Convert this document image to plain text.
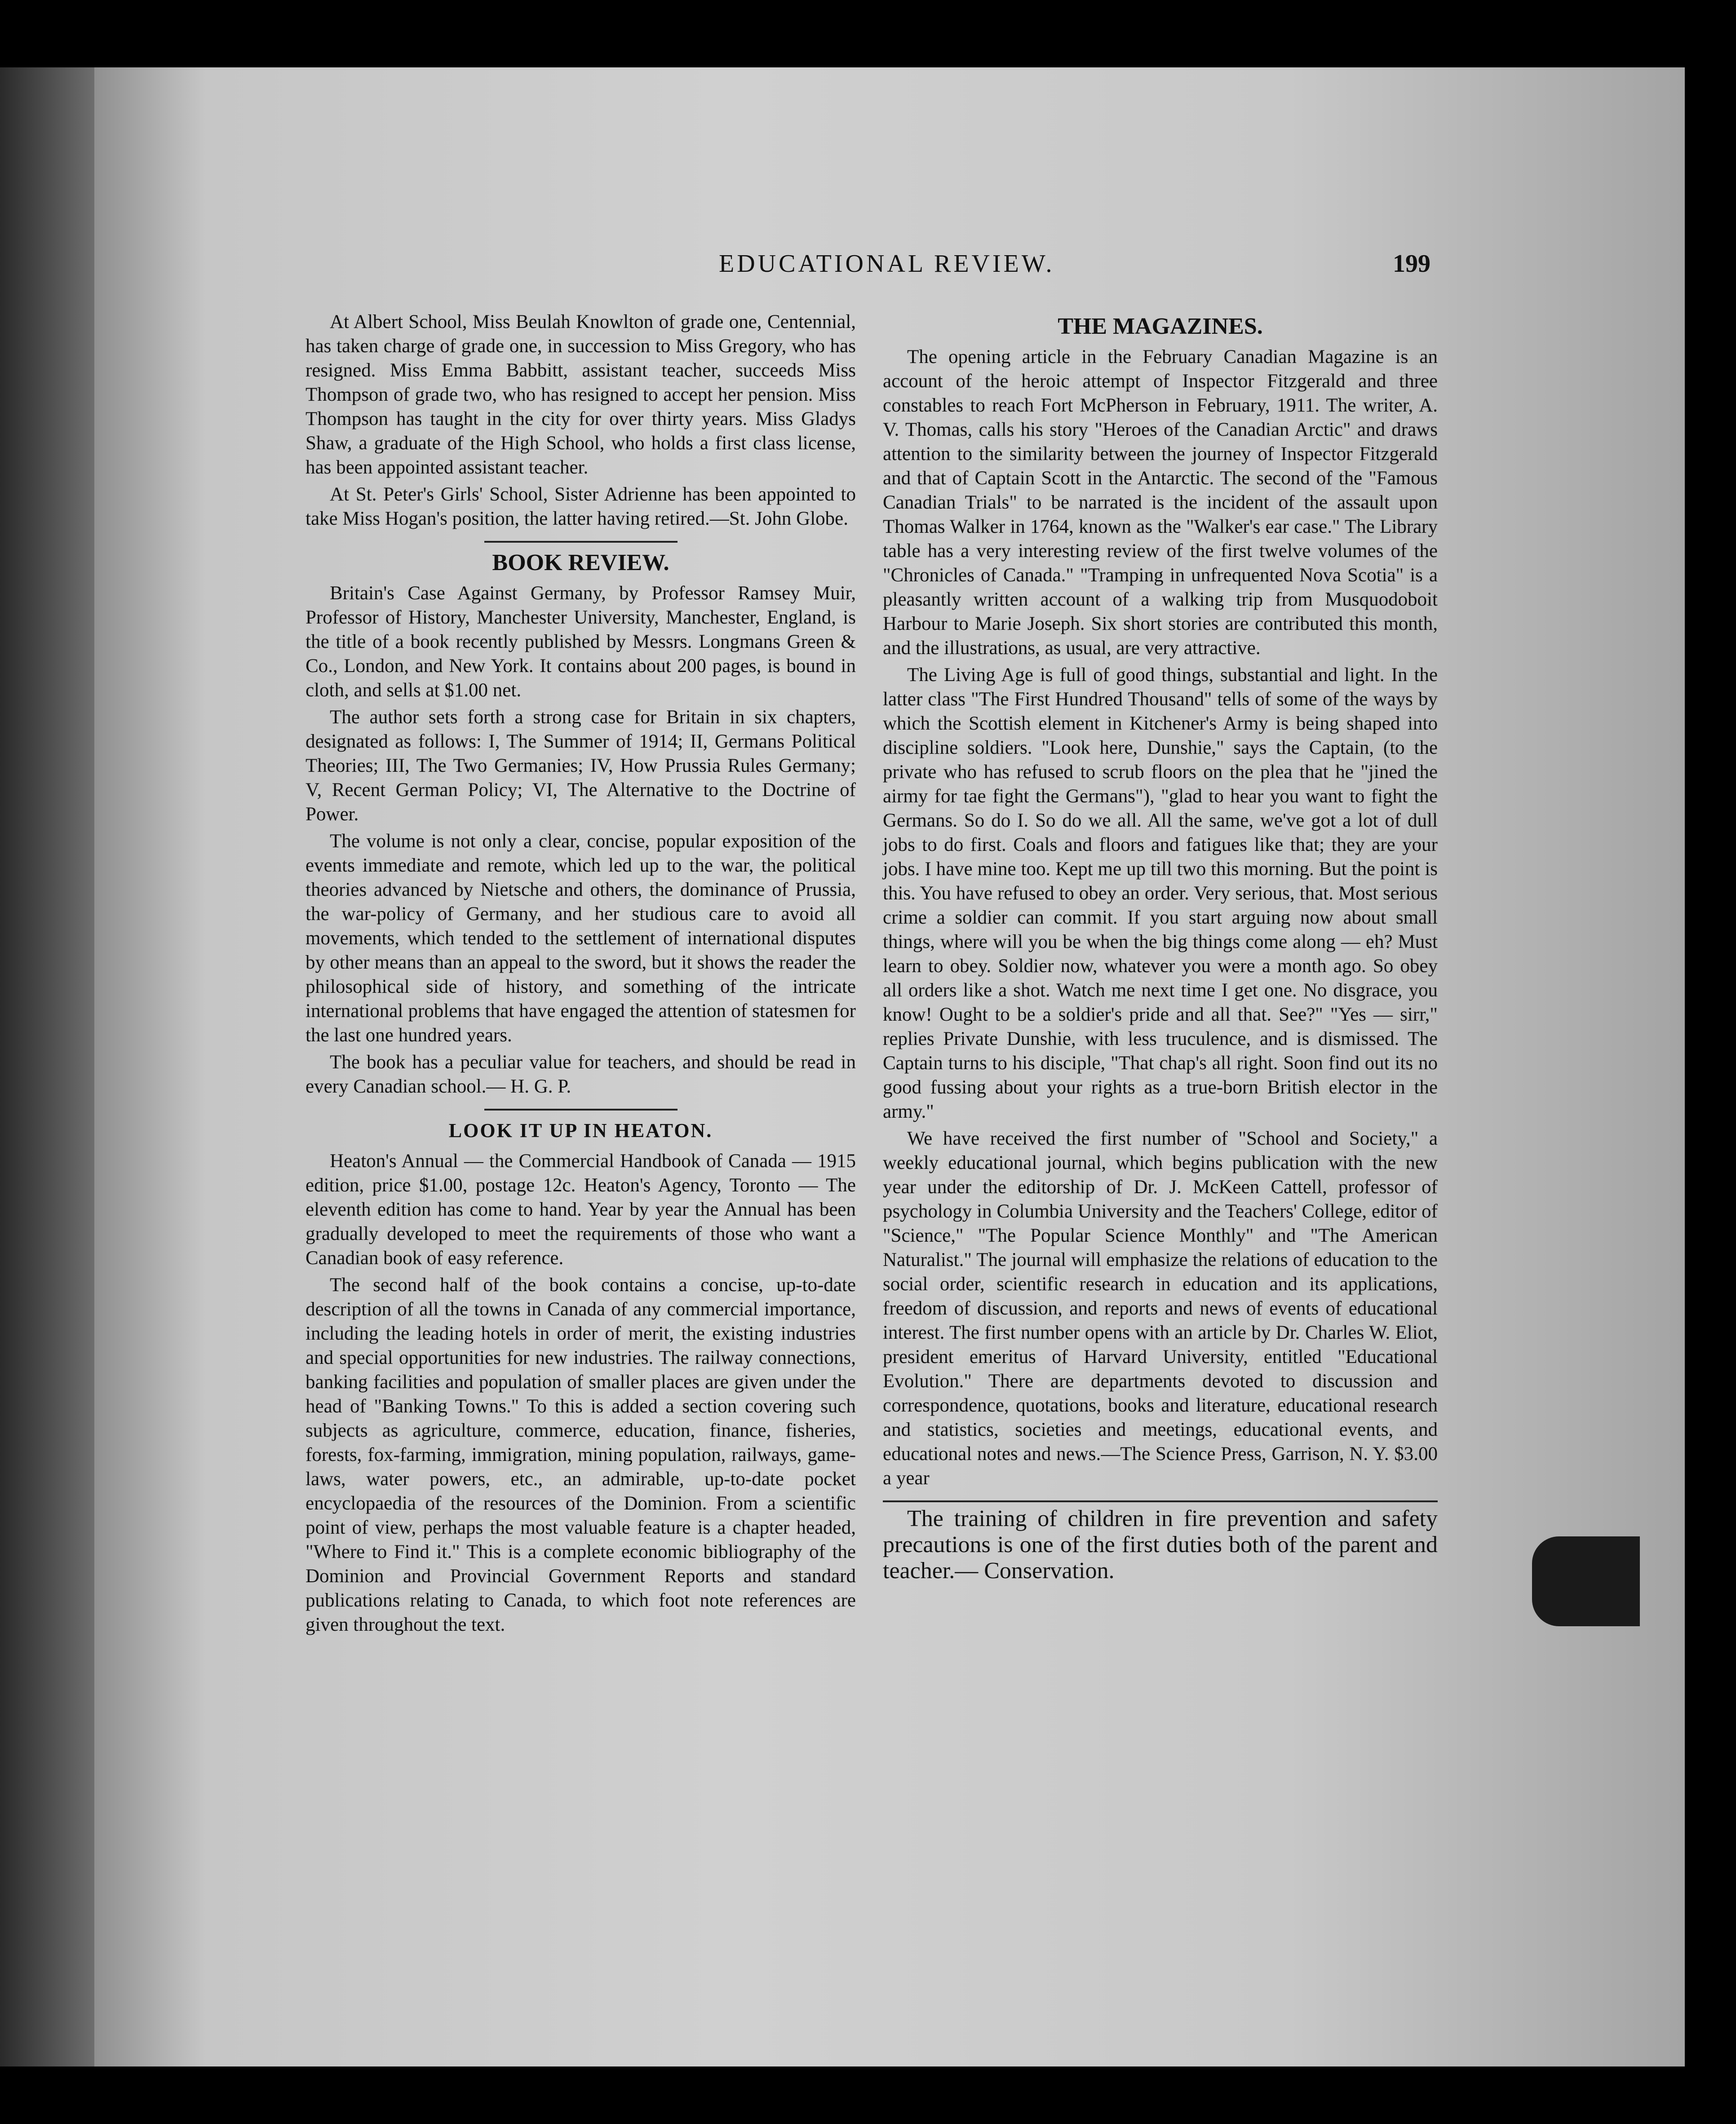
EDUCATIONAL REVIEW.	199

At Albert School, Miss Beulah Knowlton of grade one, Centennial, has taken charge of grade one, in succession to Miss Gregory, who has resigned. Miss Emma Babbitt, assistant teacher, succeeds Miss Thompson of grade two, who has resigned to accept her pension. Miss Thompson has taught in the city for over thirty years. Miss Gladys Shaw, a graduate of the High School, who holds a first class license, has been appointed assistant teacher.

At St. Peter's Girls' School, Sister Adrienne has been appointed to take Miss Hogan's position, the latter having retired.—St. John Globe.

BOOK REVIEW.

Britain's Case Against Germany, by Professor Ramsey Muir, Professor of History, Manchester University, Manchester, England, is the title of a book recently published by Messrs. Longmans Green & Co., London, and New York. It contains about 200 pages, is bound in cloth, and sells at $1.00 net.

The author sets forth a strong case for Britain in six chapters, designated as follows: I, The Summer of 1914; II, Germans Political Theories; III, The Two Germanies; IV, How Prussia Rules Germany; V, Recent German Policy; VI, The Alternative to the Doctrine of Power.

The volume is not only a clear, concise, popular exposition of the events immediate and remote, which led up to the war, the political theories advanced by Nietsche and others, the dominance of Prussia, the war-policy of Germany, and her studious care to avoid all movements, which tended to the settlement of international disputes by other means than an appeal to the sword, but it shows the reader the philosophical side of history, and something of the intricate international problems that have engaged the attention of statesmen for the last one hundred years.

The book has a peculiar value for teachers, and should be read in every Canadian school.— H. G. P.

LOOK IT UP IN HEATON.

Heaton's Annual — the Commercial Handbook of Canada — 1915 edition, price $1.00, postage 12c. Heaton's Agency, Toronto — The eleventh edition has come to hand. Year by year the Annual has been gradually developed to meet the requirements of those who want a Canadian book of easy reference.

The second half of the book contains a concise, up-to-date description of all the towns in Canada of any commercial importance, including the leading hotels in order of merit, the existing industries and special opportunities for new industries. The railway connections, banking facilities and population of smaller places are given under the head of "Banking Towns." To this is added a section covering such subjects as agriculture, commerce, education, finance, fisheries, forests, fox-farming, immigration, mining population, railways, game-laws, water powers, etc., an admirable, up-to-date pocket encyclopaedia of the resources of the Dominion. From a scientific point of view, perhaps the most valuable feature is a chapter headed, "Where to Find it." This is a complete economic bibliography of the Dominion and Provincial Government Reports and standard publications relating to Canada, to which foot note references are given throughout the text.

THE MAGAZINES.

The opening article in the February Canadian Magazine is an account of the heroic attempt of Inspector Fitzgerald and three constables to reach Fort McPherson in February, 1911. The writer, A. V. Thomas, calls his story "Heroes of the Canadian Arctic" and draws attention to the similarity between the journey of Inspector Fitzgerald and that of Captain Scott in the Antarctic. The second of the "Famous Canadian Trials" to be narrated is the incident of the assault upon Thomas Walker in 1764, known as the "Walker's ear case." The Library table has a very interesting review of the first twelve volumes of the "Chronicles of Canada." "Tramping in unfrequented Nova Scotia" is a pleasantly written account of a walking trip from Musquodoboit Harbour to Marie Joseph. Six short stories are contributed this month, and the illustrations, as usual, are very attractive.

The Living Age is full of good things, substantial and light. In the latter class "The First Hundred Thousand" tells of some of the ways by which the Scottish element in Kitchener's Army is being shaped into discipline soldiers. "Look here, Dunshie," says the Captain, (to the private who has refused to scrub floors on the plea that he "jined the airmy for tae fight the Germans"), "glad to hear you want to fight the Germans. So do I. So do we all. All the same, we've got a lot of dull jobs to do first. Coals and floors and fatigues like that; they are your jobs. I have mine too. Kept me up till two this morning. But the point is this. You have refused to obey an order. Very serious, that. Most serious crime a soldier can commit. If you start arguing now about small things, where will you be when the big things come along — eh? Must learn to obey. Soldier now, whatever you were a month ago. So obey all orders like a shot. Watch me next time I get one. No disgrace, you know! Ought to be a soldier's pride and all that. See?" "Yes — sirr," replies Private Dunshie, with less truculence, and is dismissed. The Captain turns to his disciple, "That chap's all right. Soon find out its no good fussing about your rights as a true-born British elector in the army."

We have received the first number of "School and Society," a weekly educational journal, which begins publication with the new year under the editorship of Dr. J. McKeen Cattell, professor of psychology in Columbia University and the Teachers' College, editor of "Science," "The Popular Science Monthly" and "The American Naturalist." The journal will emphasize the relations of education to the social order, scientific research in education and its applications, freedom of discussion, and reports and news of events of educational interest. The first number opens with an article by Dr. Charles W. Eliot, president emeritus of Harvard University, entitled "Educational Evolution." There are departments devoted to discussion and correspondence, quotations, books and literature, educational research and statistics, societies and meetings, educational events, and educational notes and news.—The Science Press, Garrison, N. Y. $3.00 a year

The training of children in fire prevention and safety precautions is one of the first duties both of the parent and teacher.— Conservation.
